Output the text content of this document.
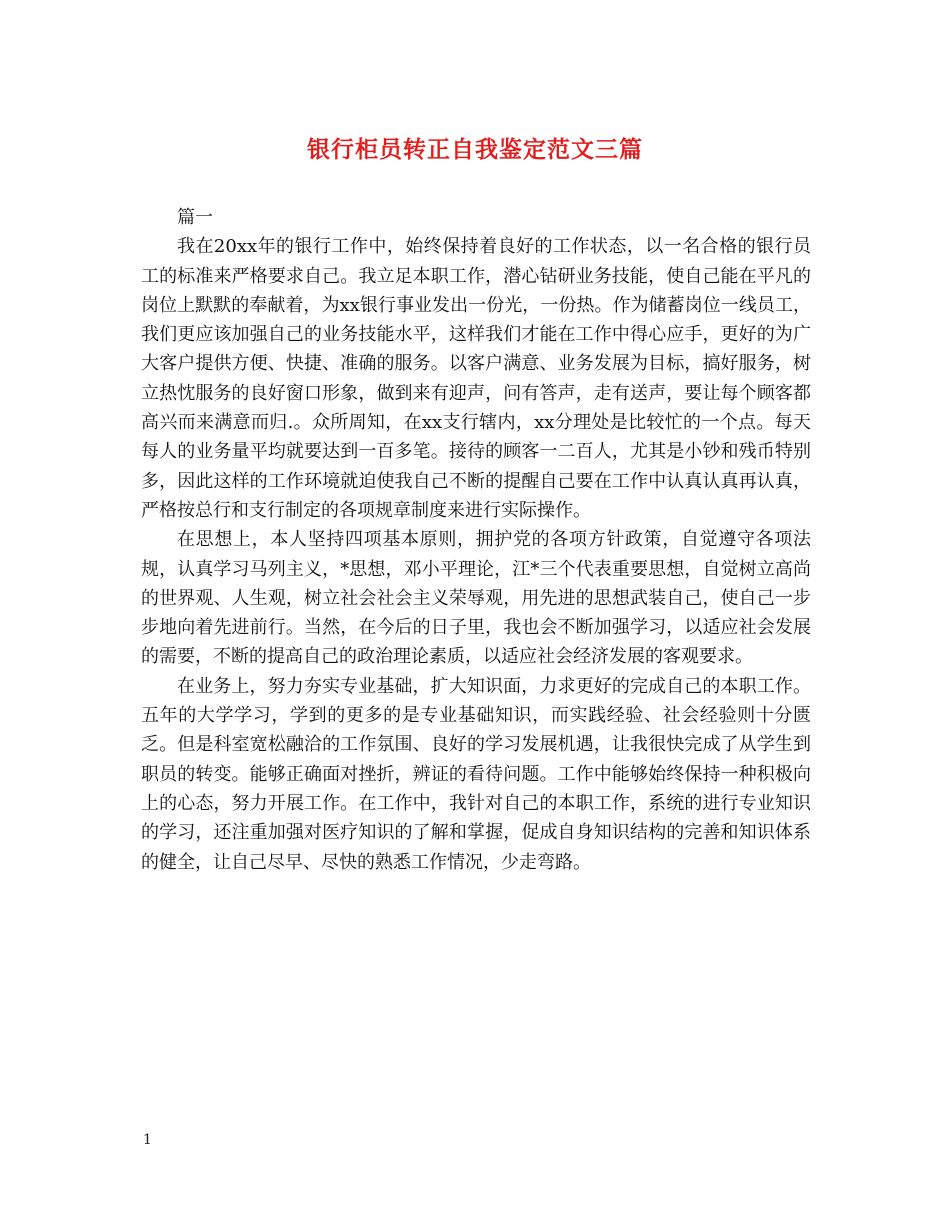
银行柜员转正自我鉴定范文三篇

篇一

我在20xx年的银行工作中，始终保持着良好的工作状态，以一名合格的银行员工的标准来严格要求自己。我立足本职工作，潜心钻研业务技能，使自己能在平凡的岗位上默默的奉献着，为xx银行事业发出一份光，一份热。作为储蓄岗位一线员工，我们更应该加强自己的业务技能水平，这样我们才能在工作中得心应手，更好的为广大客户提供方便、快捷、准确的服务。以客户满意、业务发展为目标，搞好服务，树立热忱服务的良好窗口形象，做到来有迎声，问有答声，走有送声，要让每个顾客都高兴而来满意而归.。众所周知，在xx支行辖内，xx分理处是比较忙的一个点。每天每人的业务量平均就要达到一百多笔。接待的顾客一二百人，尤其是小钞和残币特别多，因此这样的工作环境就迫使我自己不断的提醒自己要在工作中认真认真再认真，严格按总行和支行制定的各项规章制度来进行实际操作。

在思想上，本人坚持四项基本原则，拥护党的各项方针政策，自觉遵守各项法规，认真学习马列主义，*思想，邓小平理论，江*三个代表重要思想，自觉树立高尚的世界观、人生观，树立社会社会主义荣辱观，用先进的思想武装自己，使自己一步步地向着先进前行。当然，在今后的日子里，我也会不断加强学习，以适应社会发展的需要，不断的提高自己的政治理论素质，以适应社会经济发展的客观要求。

在业务上，努力夯实专业基础，扩大知识面，力求更好的完成自己的本职工作。五年的大学学习，学到的更多的是专业基础知识，而实践经验、社会经验则十分匮乏。但是科室宽松融洽的工作氛围、良好的学习发展机遇，让我很快完成了从学生到职员的转变。能够正确面对挫折，辨证的看待问题。工作中能够始终保持一种积极向上的心态，努力开展工作。在工作中，我针对自己的本职工作，系统的进行专业知识的学习，还注重加强对医疗知识的了解和掌握，促成自身知识结构的完善和知识体系的健全，让自己尽早、尽快的熟悉工作情况，少走弯路。

1
